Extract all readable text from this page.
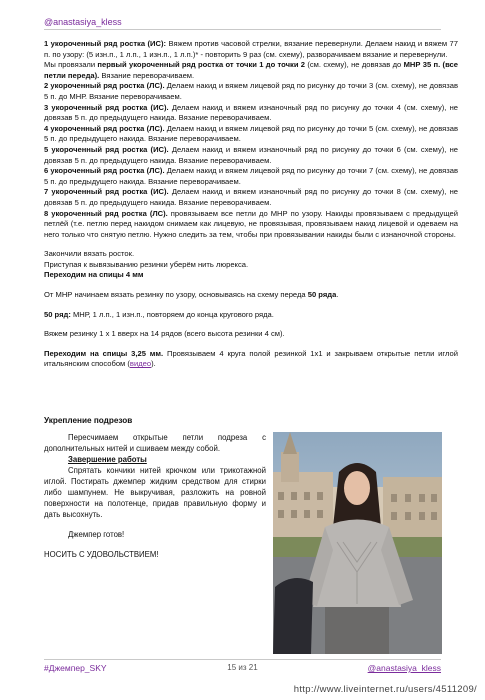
@anastasiya_kless

1 укороченный ряд ростка (ИС): Вяжем против часовой стрелки, вязание перевернули. Делаем накид и вяжем 77 п. по узору: (5 изн.п., 1 л.п., 1 изн.п., 1 л.п.)* - повторить 9 раз (см. схему), разворачиваем вязание и перевернули.

Мы провязали первый укороченный ряд ростка от точки 1 до точки 2 (см. схему), не довязав до МНР 35 п. (все петли переда). Вязание переворачиваем.

2 укороченный ряд ростка (ЛС). Делаем накид и вяжем лицевой ряд по рисунку до точки 3 (см. схему), не довязав 5 п. до МНР. Вязание переворачиваем.

3 укороченный ряд ростка (ИС). Делаем накид и вяжем изнаночный ряд по рисунку до точки 4 (см. схему), не довязав 5 п. до предыдущего накида. Вязание переворачиваем.

4 укороченный ряд ростка (ЛС). Делаем накид и вяжем лицевой ряд по рисунку до точки 5 (см. схему), не довязав 5 п. до предыдущего накида. Вязание переворачиваем.

5 укороченный ряд ростка (ИС). Делаем накид и вяжем изнаночный ряд по рисунку до точки 6 (см. схему), не довязав 5 п. до предыдущего накида. Вязание переворачиваем.

6 укороченный ряд ростка (ЛС). Делаем накид и вяжем лицевой ряд по рисунку до точки 7 (см. схему), не довязав 5 п. до предыдущего накида. Вязание переворачиваем.

7 укороченный ряд ростка (ИС). Делаем накид и вяжем изнаночный ряд по рисунку до точки 8 (см. схему), не довязав 5 п. до предыдущего накида. Вязание переворачиваем.

8 укороченный ряд ростка (ЛС). провязываем все петли до МНР по узору. Накиды провязываем с предыдущей петлёй (т.е. петлю перед накидом снимаем как лицевую, не провязывая, провязываем накид лицевой и одеваем на него только что снятую петлю. Нужно следить за тем, чтобы при провязывании накиды были с изнаночной стороны.

Закончили вязать росток.

Приступая к вывязыванию резинки уберём нить люрекса.

Переходим на спицы 4 мм

От МНР начинаем вязать резинку по узору, основываясь на схему переда 50 ряда.

50 ряд: МНР, 1 л.п., 1 изн.п., повторяем до конца кругового ряда.

Вяжем резинку 1 х 1 вверх на 14 рядов (всего высота резинки 4 см).

Переходим на спицы 3,25 мм. Провязываем 4 круга полой резинкой 1х1 и закрываем открытые петли иглой итальянским способом (видео).

Укрепление подрезов

Пересчимаем открытые петли подреза с дополнительных нитей и сшиваем между собой.

Завершение работы

Спрятать кончики нитей крючком или трикотажной иглой. Постирать джемпер жидким средством для стирки либо шампунем. Не выкручивая, разложить на ровной поверхности на полотенце, придав правильную форму и дать высохнуть.

Джемпер готов!

НОСИТЬ С УДОВОЛЬСТВИЕМ!

#Джемпер_SKY	15 из 21	@anastasiya_kless
http://www.liveinternet.ru/users/4511209/
